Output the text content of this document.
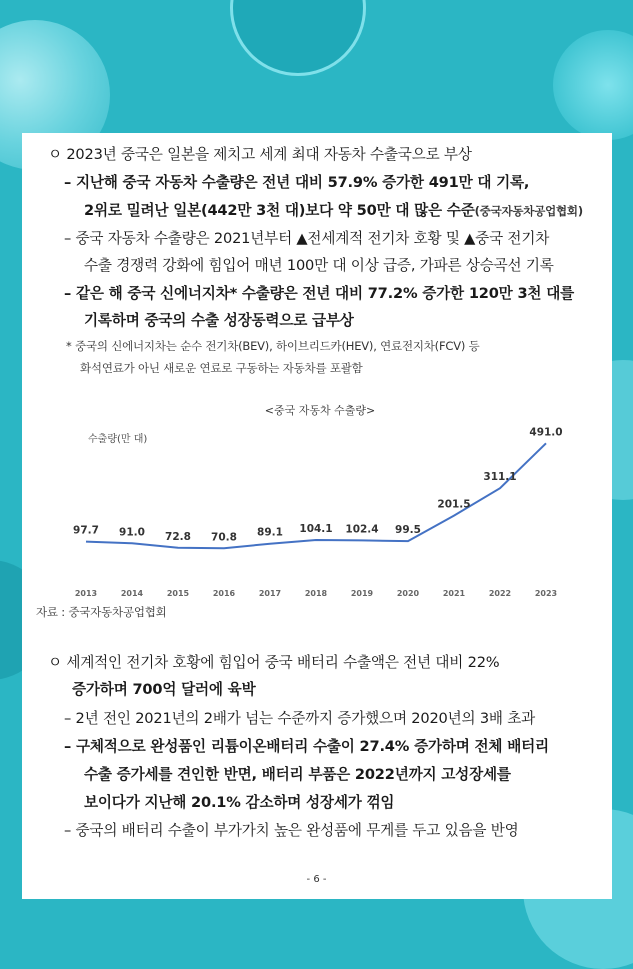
ㅇ 2023년 중국은 일본을 제치고 세계 최대 자동차 수출국으로 부상
– 지난해 중국 자동차 수출량은 전년 대비 57.9% 증가한 491만 대 기록,
2위로 밀려난 일본(442만 3천 대)보다 약 50만 대 많은 수준(중국자동차공업협회)
– 중국 자동차 수출량은 2021년부터 ▲전세계적 전기차 호황 및 ▲중국 전기차
수출 경쟁력 강화에 힘입어 매년 100만 대 이상 급증, 가파른 상승곡선 기록
– 같은 해 중국 신에너지차* 수출량은 전년 대비 77.2% 증가한 120만 3천 대를
기록하며 중국의 수출 성장동력으로 급부상
* 중국의 신에너지차는 순수 전기차(BEV), 하이브리드카(HEV), 연료전지차(FCV) 등
화석연료가 아닌 새로운 연료로 구동하는 자동차를 포괄함
<중국 자동차 수출량>
수출량(만 대)
97.7
2013
91.0
2014
72.8
2015
70.8
2016
89.1
2017
104.1
2018
102.4
2019
99.5
2020
201.5
2021
311.1
2022
491.0
2023
자료 : 중국자동차공업협회
ㅇ 세계적인 전기차 호황에 힘입어 중국 배터리 수출액은 전년 대비 22%
증가하며 700억 달러에 육박
– 2년 전인 2021년의 2배가 넘는 수준까지 증가했으며 2020년의 3배 초과
– 구체적으로 완성품인 리튬이온배터리 수출이 27.4% 증가하며 전체 배터리
수출 증가세를 견인한 반면, 배터리 부품은 2022년까지 고성장세를
보이다가 지난해 20.1% 감소하며 성장세가 꺾임
– 중국의 배터리 수출이 부가가치 높은 완성품에 무게를 두고 있음을 반영
- 6 -
